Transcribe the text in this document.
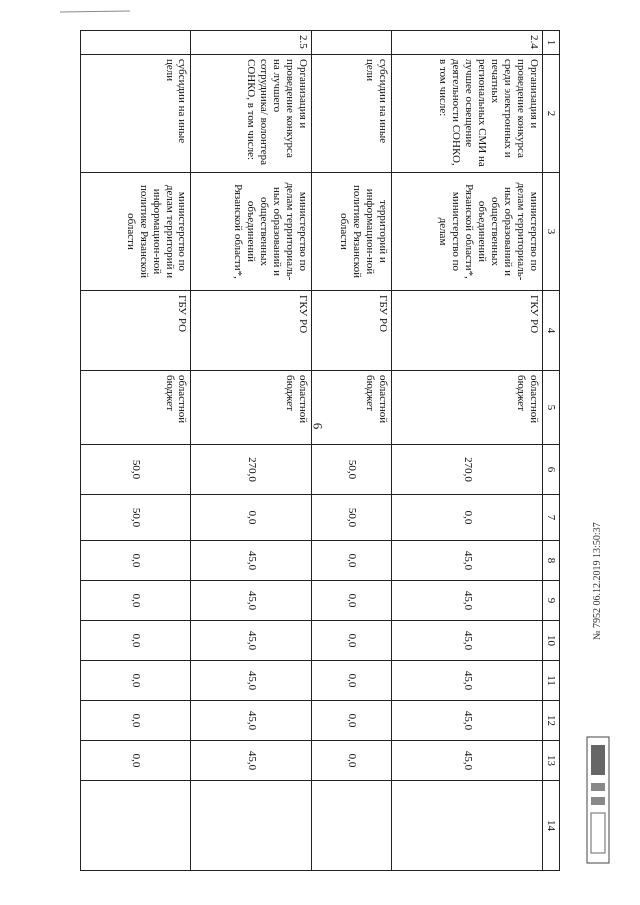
6
1	2	3	4	5	6	7	8	9	10	11	12	13	14
2.4	Организация и проведение конкурса среди электронных и печатных региональных СМИ на лучшее освещение деятельности СОНКО, в том числе:	министерство по делам территориаль-ных образований и общественных объединений Рязанской области*, министерство по делам	ГКУ РО	областной бюджет	270,0	0,0	45,0	45,0	45,0	45,0	45,0	45,0	
	субсидии на иные цели	территорий и информацион-ной политике Рязанской области	ГБУ РО	областной бюджет	50,0	50,0	0,0	0,0	0,0	0,0	0,0	0,0	
2.5	Организация и проведение конкурса на лучшего сотрудника/ волонтера СОНКО, в том числе:	министерство по делам территориаль-ных образований и общественных объединений Рязанской области*,	ГКУ РО	областной бюджет	270,0	0,0	45,0	45,0	45,0	45,0	45,0	45,0	
	субсидии на иные цели	министерство по делам территорий и информацион-ной политике Рязанской области	ГБУ РО	областной бюджет	50,0	50,0	0,0	0,0	0,0	0,0	0,0	0,0	
№ 7952 06.12.2019 13:50:37
